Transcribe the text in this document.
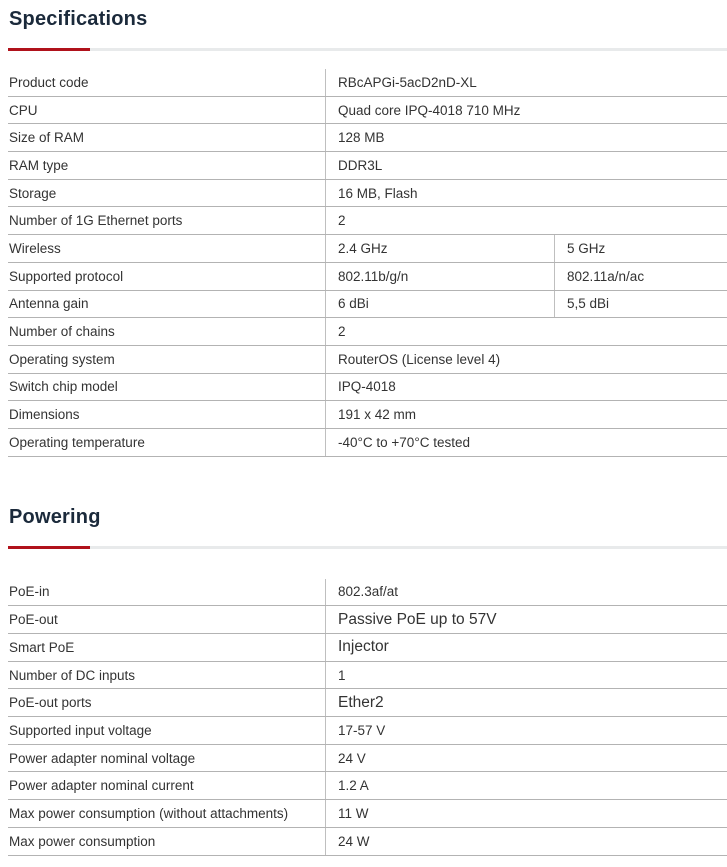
Specifications
Product code	RBcAPGi-5acD2nD-XL
CPU	Quad core IPQ-4018 710 MHz
Size of RAM	128 MB
RAM type	DDR3L
Storage	16 MB, Flash
Number of 1G Ethernet ports	2
Wireless	2.4 GHz	5 GHz
Supported protocol	802.11b/g/n	802.11a/n/ac
Antenna gain	6 dBi	5,5 dBi
Number of chains	2
Operating system	RouterOS (License level 4)
Switch chip model	IPQ-4018
Dimensions	191 x 42 mm
Operating temperature	-40°C to +70°C tested
Powering
PoE-in	802.3af/at
PoE-out	Passive PoE up to 57V
Smart PoE	Injector
Number of DC inputs	1
PoE-out ports	Ether2
Supported input voltage	17-57 V
Power adapter nominal voltage	24 V
Power adapter nominal current	1.2 A
Max power consumption (without attachments)	11 W
Max power consumption	24 W
